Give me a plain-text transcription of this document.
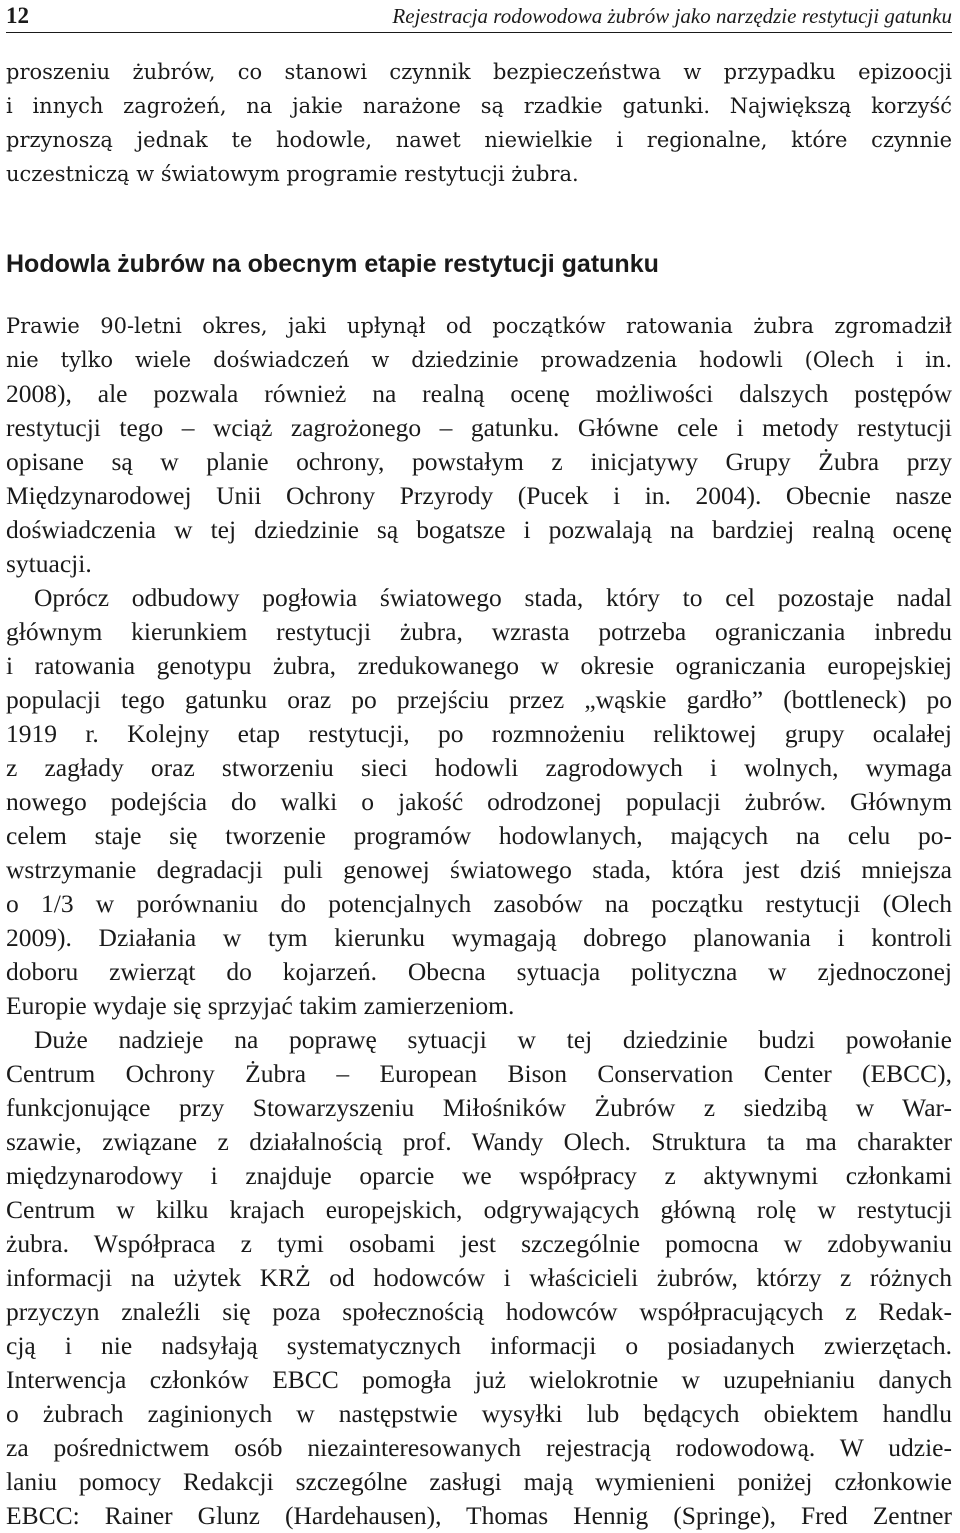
12	Rejestracja rodowodowa żubrów jako narzędzie restytucji gatunku
proszeniu żubrów, co stanowi czynnik bezpieczeństwa w przypadku epizoocji
i innych zagrożeń, na jakie narażone są rzadkie gatunki. Największą korzyść
przynoszą jednak te hodowle, nawet niewielkie i regionalne, które czynnie
uczestniczą w światowym programie restytucji żubra.
Hodowla żubrów na obecnym etapie restytucji gatunku
Prawie 90-letni okres, jaki upłynął od początków ratowania żubra zgromadził
nie tylko wiele doświadczeń w dziedzinie prowadzenia hodowli (Olech i in.
2008), ale pozwala również na realną ocenę możliwości dalszych postępów
restytucji tego – wciąż zagrożonego – gatunku. Główne cele i metody restytucji
opisane są w planie ochrony, powstałym z inicjatywy Grupy Żubra przy
Międzynarodowej Unii Ochrony Przyrody (Pucek i in. 2004). Obecnie nasze
doświadczenia w tej dziedzinie są bogatsze i pozwalają na bardziej realną ocenę
sytuacji.
Oprócz odbudowy pogłowia światowego stada, który to cel pozostaje nadal
głównym kierunkiem restytucji żubra, wzrasta potrzeba ograniczania inbredu
i ratowania genotypu żubra, zredukowanego w okresie ograniczania europejskiej
populacji tego gatunku oraz po przejściu przez „wąskie gardło” (bottleneck) po
1919 r. Kolejny etap restytucji, po rozmnożeniu reliktowej grupy ocalałej
z zagłady oraz stworzeniu sieci hodowli zagrodowych i wolnych, wymaga
nowego podejścia do walki o jakość odrodzonej populacji żubrów. Głównym
celem staje się tworzenie programów hodowlanych, mających na celu po-
wstrzymanie degradacji puli genowej światowego stada, która jest dziś mniejsza
o 1/3 w porównaniu do potencjalnych zasobów na początku restytucji (Olech
2009). Działania w tym kierunku wymagają dobrego planowania i kontroli
doboru zwierząt do kojarzeń. Obecna sytuacja polityczna w zjednoczonej
Europie wydaje się sprzyjać takim zamierzeniom.
Duże nadzieje na poprawę sytuacji w tej dziedzinie budzi powołanie
Centrum Ochrony Żubra – European Bison Conservation Center (EBCC),
funkcjonujące przy Stowarzyszeniu Miłośników Żubrów z siedzibą w War-
szawie, związane z działalnością prof. Wandy Olech. Struktura ta ma charakter
międzynarodowy i znajduje oparcie we współpracy z aktywnymi członkami
Centrum w kilku krajach europejskich, odgrywających główną rolę w restytucji
żubra. Współpraca z tymi osobami jest szczególnie pomocna w zdobywaniu
informacji na użytek KRŻ od hodowców i właścicieli żubrów, którzy z różnych
przyczyn znaleźli się poza społecznością hodowców współpracujących z Redak-
cją i nie nadsyłają systematycznych informacji o posiadanych zwierzętach.
Interwencja członków EBCC pomogła już wielokrotnie w uzupełnianiu danych
o żubrach zaginionych w następstwie wysyłki lub będących obiektem handlu
za pośrednictwem osób niezainteresowanych rejestracją rodowodową. W udzie-
laniu pomocy Redakcji szczególne zasługi mają wymienieni poniżej członkowie
EBCC: Rainer Glunz (Hardehausen), Thomas Hennig (Springe), Fred Zentner
